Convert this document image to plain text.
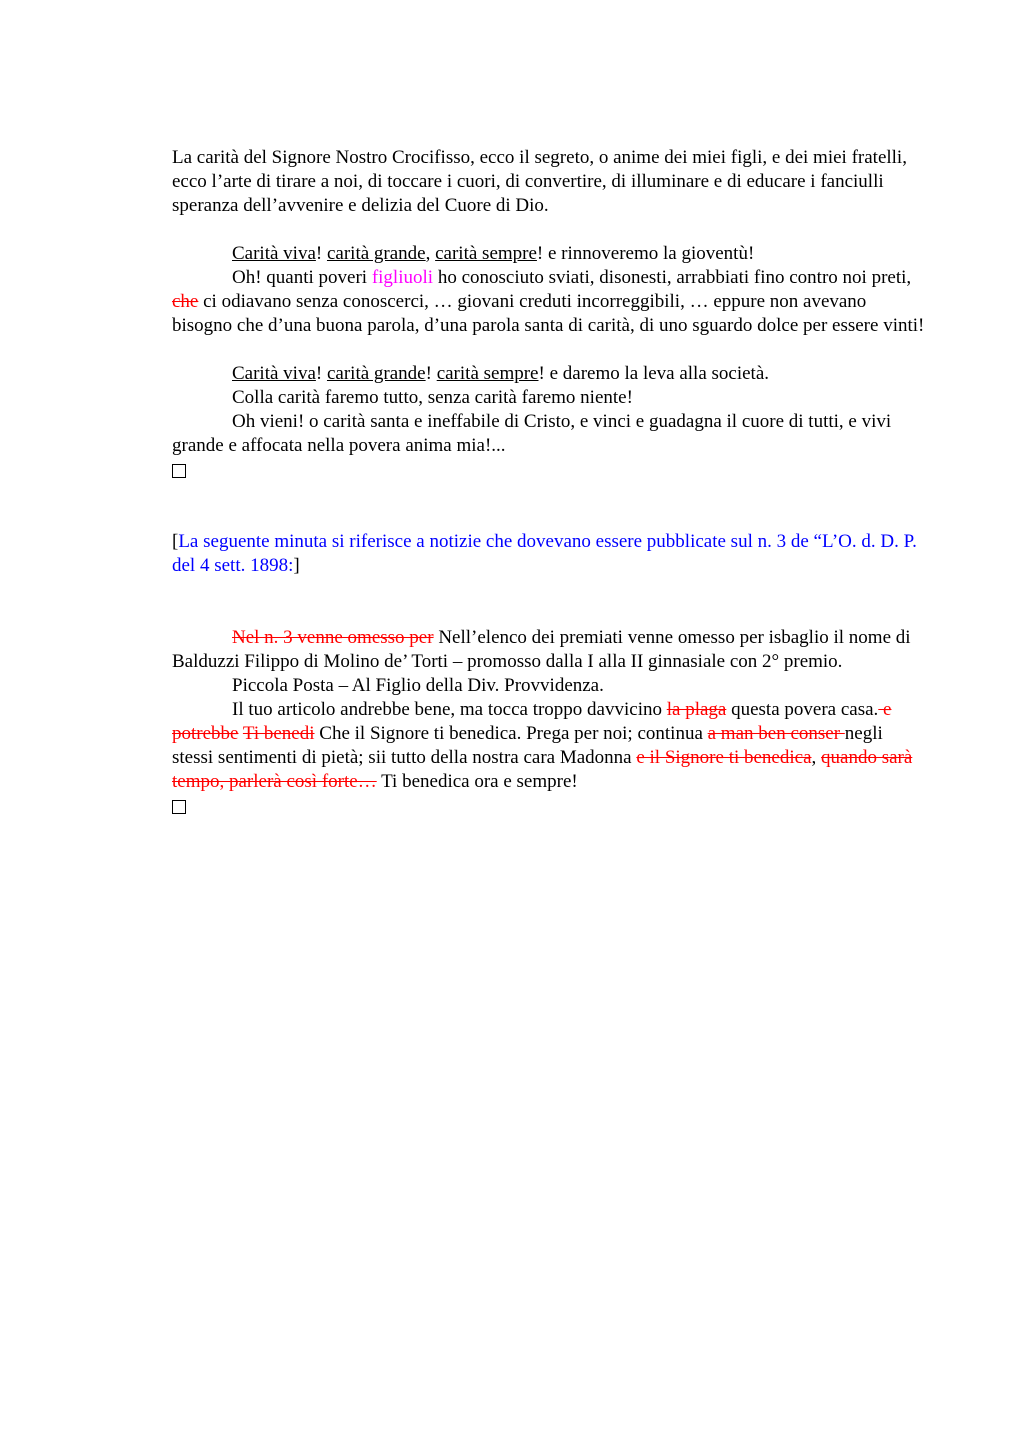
La carità del Signore Nostro Crocifisso, ecco il segreto, o anime dei miei figli, e dei miei fratelli, ecco l’arte di tirare a noi, di toccare i cuori, di convertire, di illuminare e di educare i fanciulli speranza dell’avvenire e delizia del Cuore di Dio.

Carità viva! carità grande, carità sempre! e rinnoveremo la gioventù!

Oh! quanti poveri figliuoli ho conosciuto sviati, disonesti, arrabbiati fino contro noi preti, che ci odiavano senza conoscerci, … giovani creduti incorreggibili, … eppure non avevano bisogno che d’una buona parola, d’una parola santa di carità, di uno sguardo dolce per essere vinti!

Carità viva! carità grande! carità sempre! e daremo la leva alla società.

Colla carità faremo tutto, senza carità faremo niente!

Oh vieni! o carità santa e ineffabile di Cristo, e vinci e guadagna il cuore di tutti, e vivi grande e affocata nella povera anima mia!...

[La seguente minuta si riferisce a notizie che dovevano essere pubblicate sul n. 3 de “L’O. d. D. P. del 4 sett. 1898:]

Nel n. 3 venne omesso per Nell’elenco dei premiati venne omesso per isbaglio il nome di Balduzzi Filippo di Molino de’ Torti – promosso dalla I alla II ginnasiale con 2° premio.

Piccola Posta – Al Figlio della Div. Provvidenza.

Il tuo articolo andrebbe bene, ma tocca troppo davvicino la plaga questa povera casa. e potrebbe Ti benedi Che il Signore ti benedica. Prega per noi; continua a man ben conser negli stessi sentimenti di pietà; sii tutto della nostra cara Madonna e il Signore ti benedica, quando sarà tempo, parlerà così forte… Ti benedica ora e sempre!
